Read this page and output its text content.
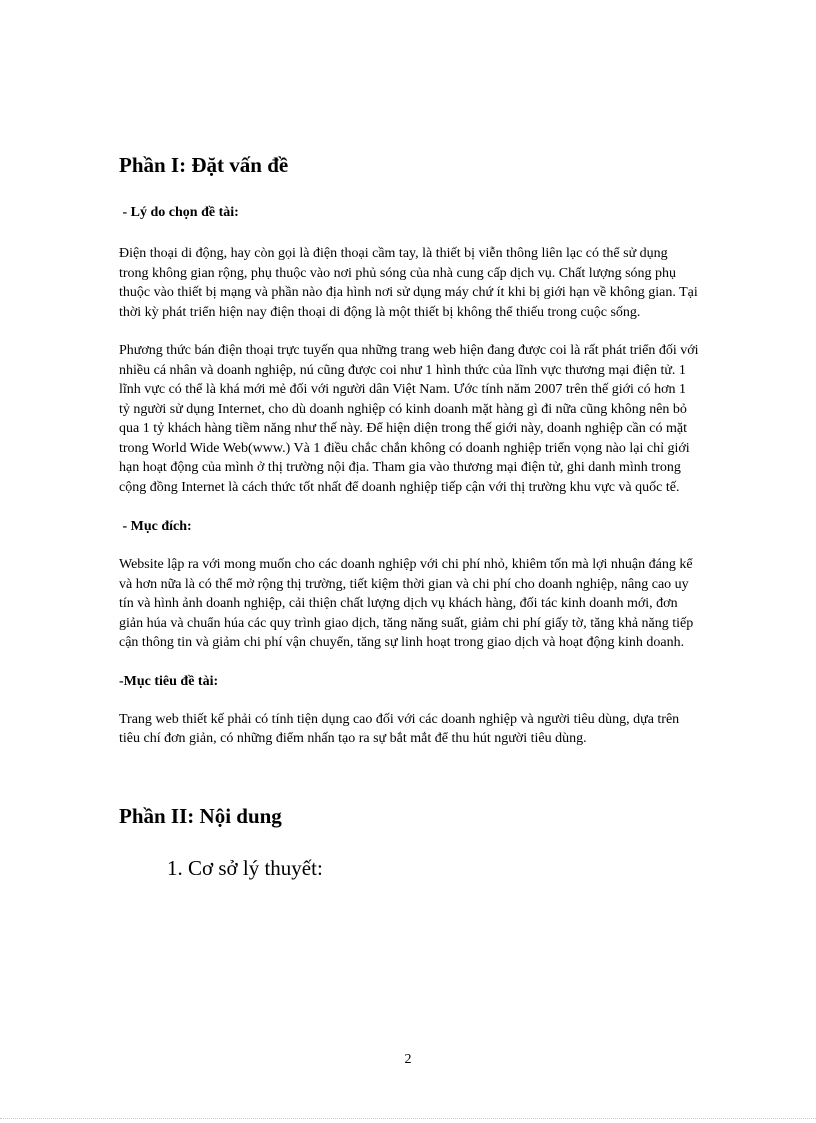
Phần I: Đặt vấn đề

- Lý do chọn đề tài:

Điện thoại di động, hay còn gọi là điện thoại cầm tay, là thiết bị viễn thông liên lạc có thể sử dụng trong không gian rộng, phụ thuộc vào nơi phủ sóng của nhà cung cấp dịch vụ. Chất lượng sóng phụ thuộc vào thiết bị mạng và phần nào địa hình nơi sử dụng máy chứ ít khi bị giới hạn về không gian. Tại thời kỳ phát triển hiện nay điện thoại di động là một thiết bị không thể thiếu trong cuộc sống.

Phương thức bán điện thoại trực tuyến qua những trang web hiện đang được coi là rất phát triển đối với nhiều cá nhân và doanh nghiệp, nú cũng được coi như 1 hình thức của lĩnh vực thương mại điện tử. 1 lĩnh vực có thể là khá mới mẻ đối với người dân Việt Nam. Ước tính năm 2007 trên thế giới có hơn 1 tỷ người sử dụng Internet, cho dù doanh nghiệp có kinh doanh mặt hàng gì đi nữa cũng không nên bỏ qua 1 tỷ khách hàng tiềm năng như thế này. Để hiện diện trong thế giới này, doanh nghiệp cần có mặt trong World Wide Web(www.) Và 1 điều chắc chắn không có doanh nghiệp triển vọng nào lại chỉ giới hạn hoạt động của mình ở thị trường nội địa. Tham gia vào thương mại điện tử, ghi danh mình trong cộng đồng Internet là cách thức tốt nhất để doanh nghiệp tiếp cận với thị trường khu vực và quốc tế.

- Mục đích:

Website lập ra với mong muốn cho các doanh nghiệp với chi phí nhỏ, khiêm tốn mà lợi nhuận đáng kể và hơn nữa là có thể mở rộng thị trường, tiết kiệm thời gian và chi phí cho doanh nghiệp, nâng cao uy tín và hình ảnh doanh nghiệp, cải thiện chất lượng dịch vụ khách hàng, đối tác kinh doanh mới, đơn giản húa và chuẩn húa các quy trình giao dịch, tăng năng suất, giảm chi phí giấy tờ, tăng khả năng tiếp cận thông tin và giảm chi phí vận chuyển, tăng sự linh hoạt trong giao dịch và hoạt động kinh doanh.

-Mục tiêu đề tài:

Trang web thiết kế phải có tính tiện dụng cao đối với các doanh nghiệp và người tiêu dùng, dựa trên tiêu chí đơn giản, có những điểm nhấn tạo ra sự bắt mắt để thu hút người tiêu dùng.

Phần II: Nội dung

1. Cơ sở lý thuyết:

2
